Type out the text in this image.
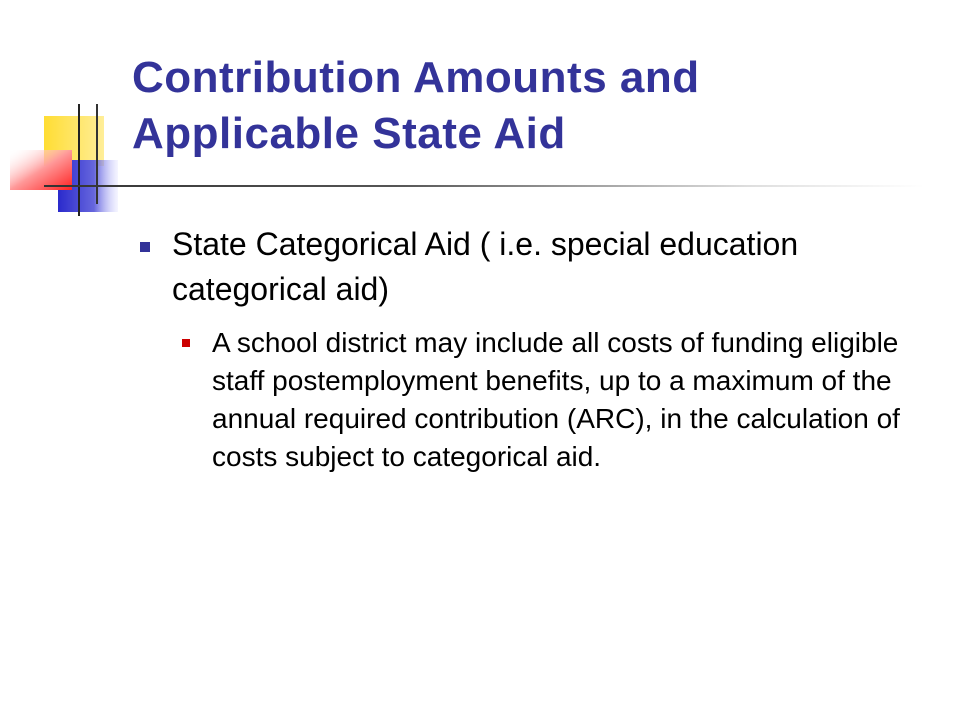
Contribution Amounts and
Applicable State Aid

State Categorical Aid ( i.e. special education categorical aid)

A school district may include all costs of funding eligible staff postemployment benefits, up to a maximum of the annual required contribution (ARC), in the calculation of costs subject to categorical aid.
